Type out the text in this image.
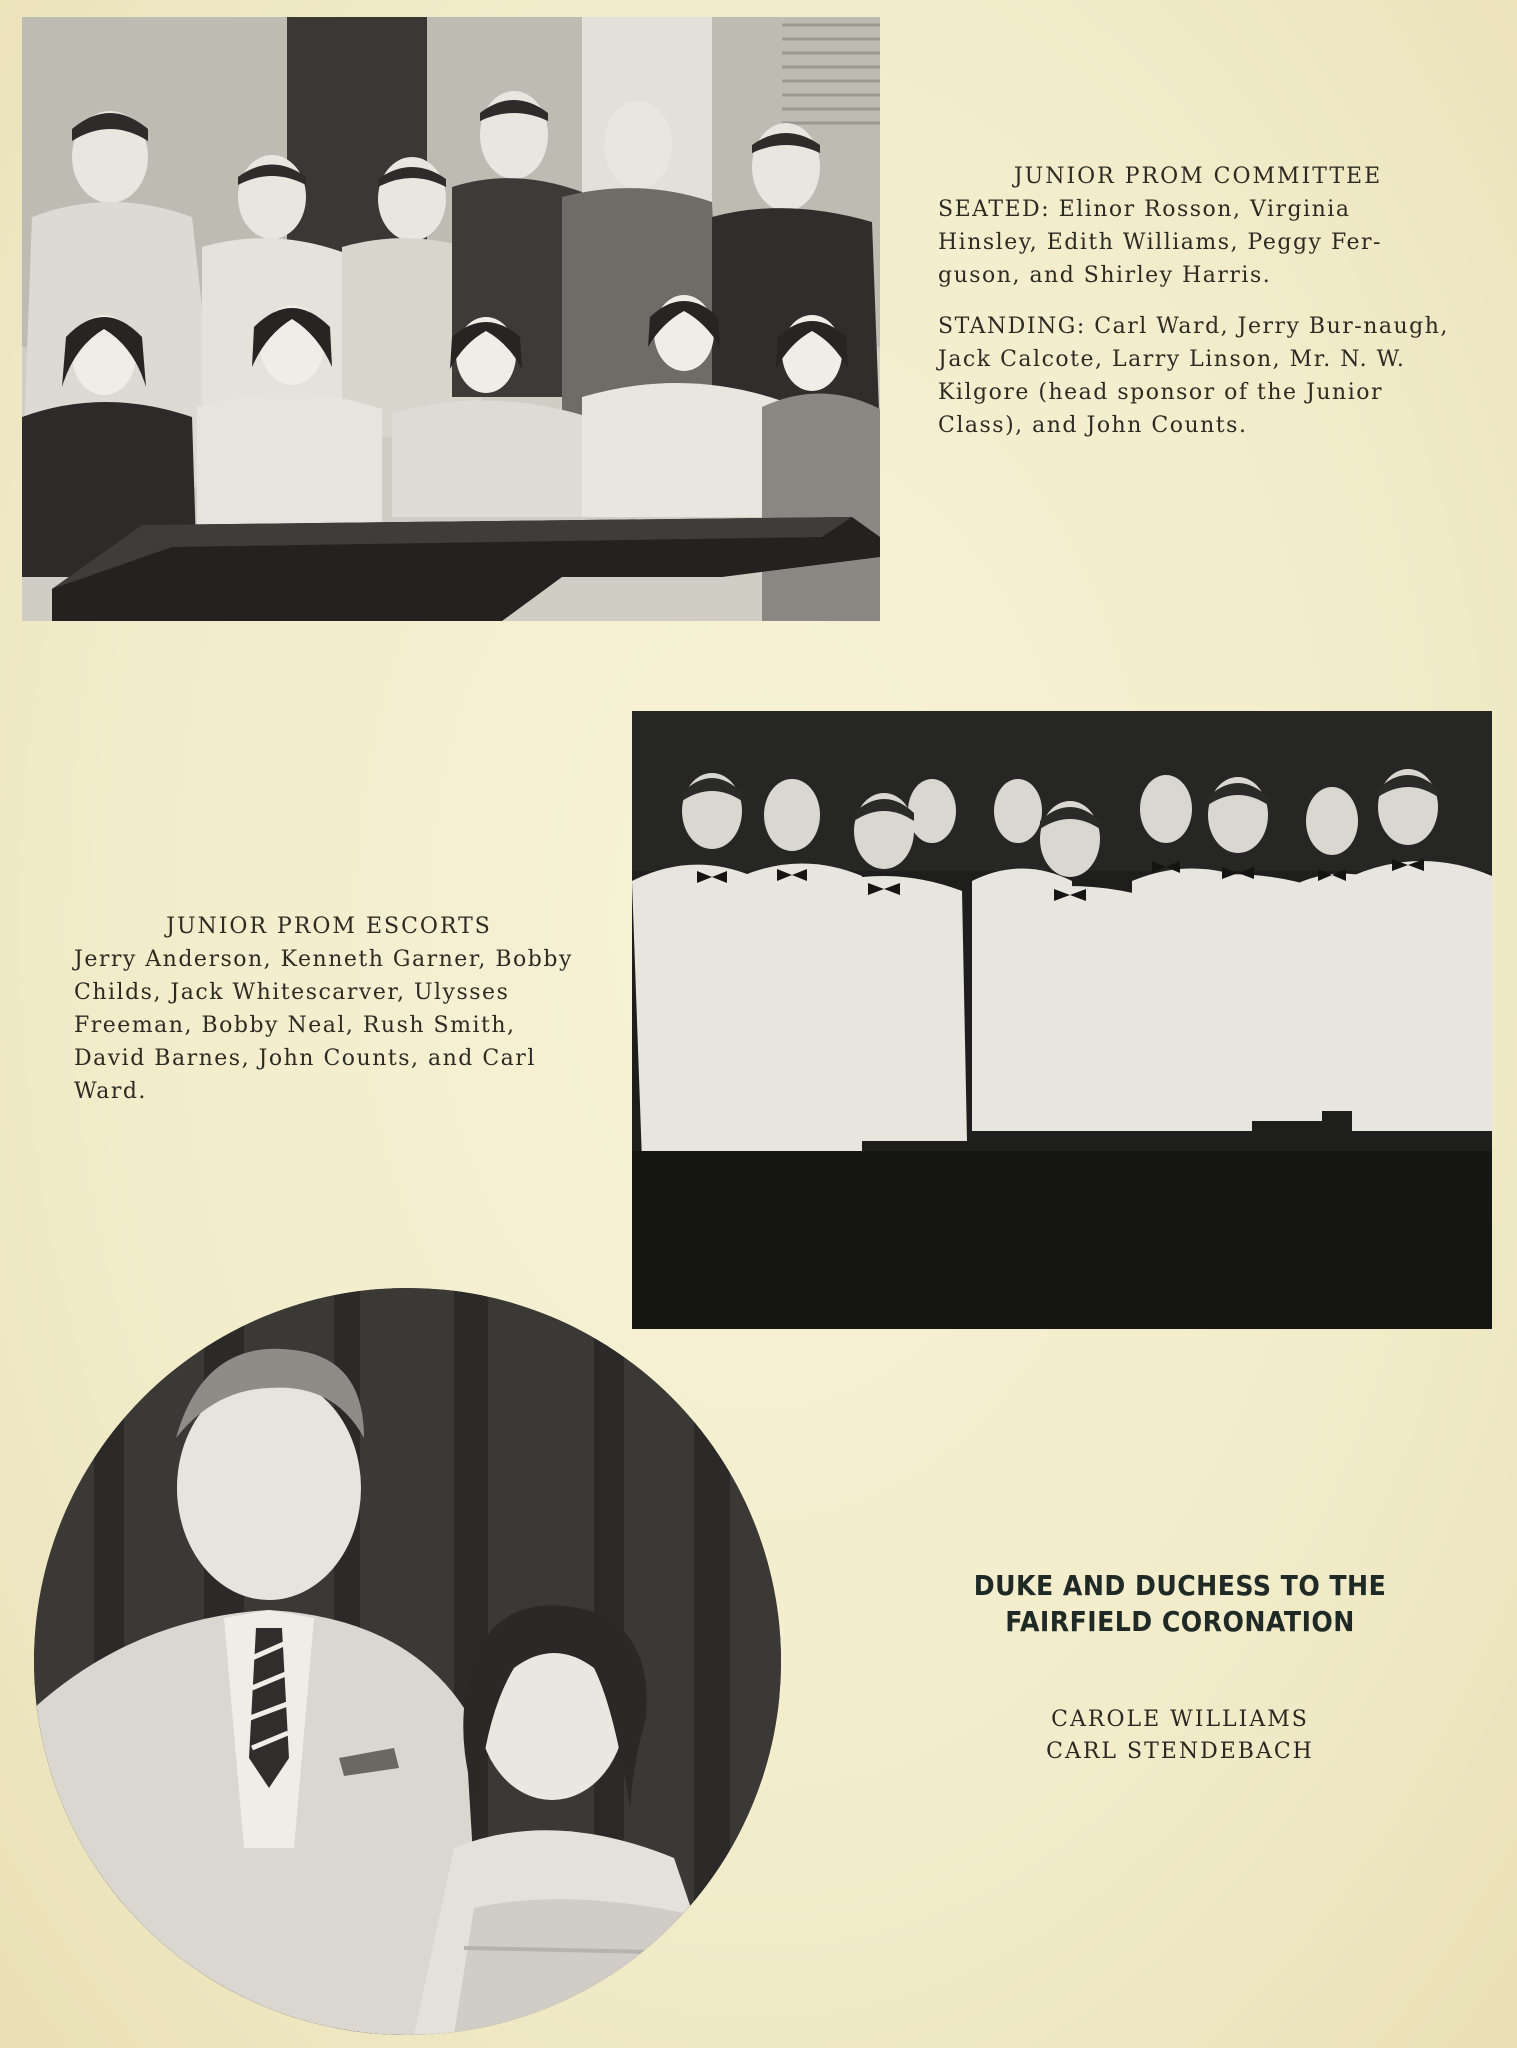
JUNIOR PROM COMMITTEE

SEATED: Elinor Rosson, Virginia Hinsley, Edith Williams, Peggy Fer-guson, and Shirley Harris.

STANDING: Carl Ward, Jerry Bur-naugh, Jack Calcote, Larry Linson, Mr. N. W. Kilgore (head sponsor of the Junior Class), and John Counts.

JUNIOR PROM ESCORTS

Jerry Anderson, Kenneth Garner, Bobby Childs, Jack Whitescarver, Ulysses Freeman, Bobby Neal, Rush Smith, David Barnes, John Counts, and Carl Ward.

DUKE AND DUCHESS TO THE
FAIRFIELD CORONATION
CAROLE WILLIAMS
CARL STENDEBACH
